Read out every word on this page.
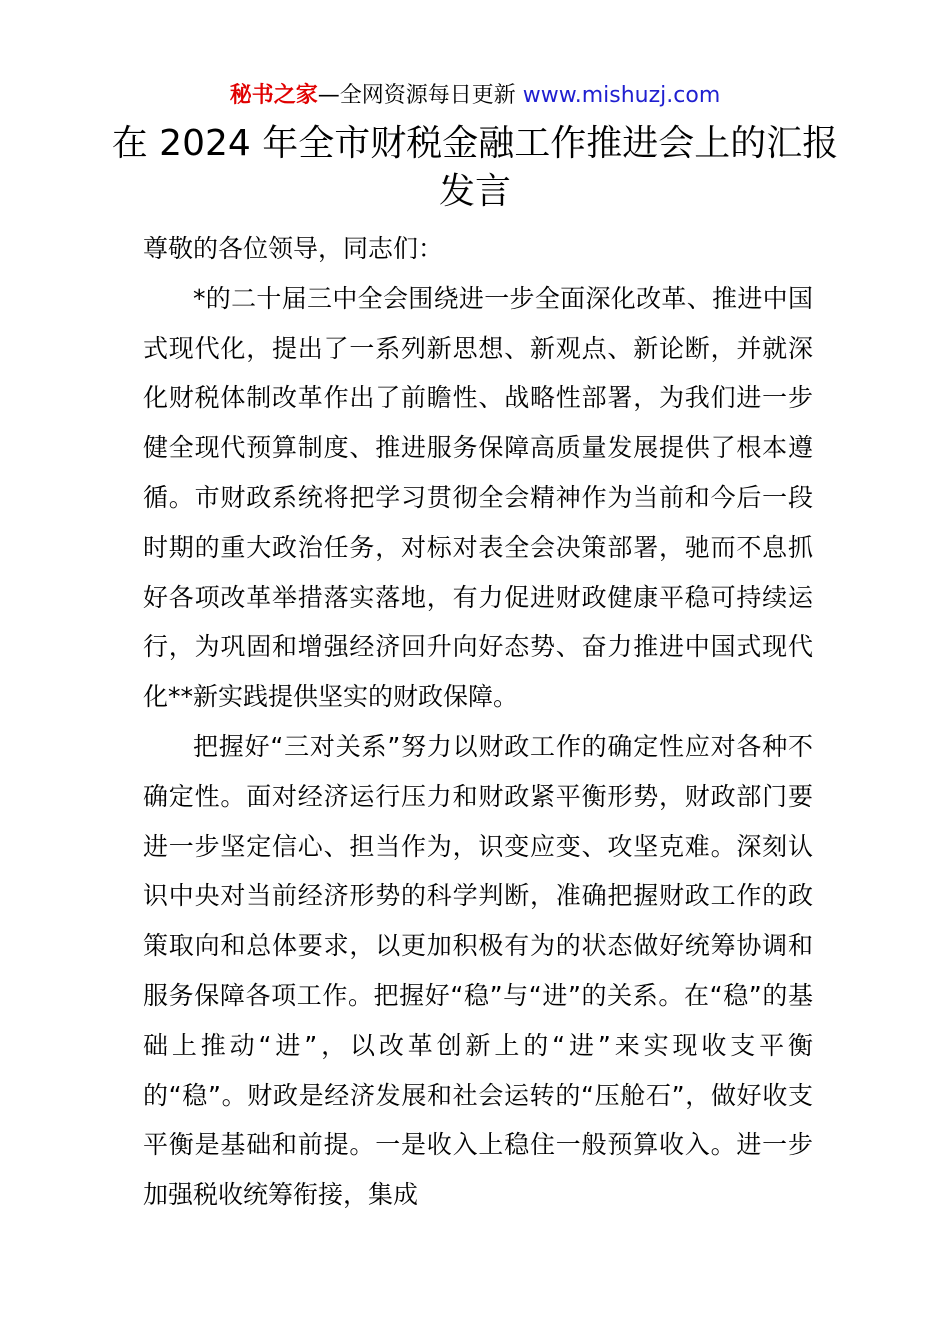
秘书之家—全网资源每日更新 www.mishuzj.com
在 2024 年全市财税金融工作推进会上的汇报发言

尊敬的各位领导，同志们：

*的二十届三中全会围绕进一步全面深化改革、推进中国式现代化，提出了一系列新思想、新观点、新论断，并就深化财税体制改革作出了前瞻性、战略性部署，为我们进一步健全现代预算制度、推进服务保障高质量发展提供了根本遵循。市财政系统将把学习贯彻全会精神作为当前和今后一段时期的重大政治任务，对标对表全会决策部署，驰而不息抓好各项改革举措落实落地，有力促进财政健康平稳可持续运行，为巩固和增强经济回升向好态势、奋力推进中国式现代化**新实践提供坚实的财政保障。

把握好“三对关系”努力以财政工作的确定性应对各种不确定性。面对经济运行压力和财政紧平衡形势，财政部门要进一步坚定信心、担当作为，识变应变、攻坚克难。深刻认识中央对当前经济形势的科学判断，准确把握财政工作的政策取向和总体要求，以更加积极有为的状态做好统筹协调和服务保障各项工作。把握好“稳”与“进”的关系。在“稳”的基础上推动“进”，以改革创新上的“进”来实现收支平衡的“稳”。财政是经济发展和社会运转的“压舱石”，做好收支平衡是基础和前提。一是收入上稳住一般预算收入。进一步加强税收统筹衔接，集成
